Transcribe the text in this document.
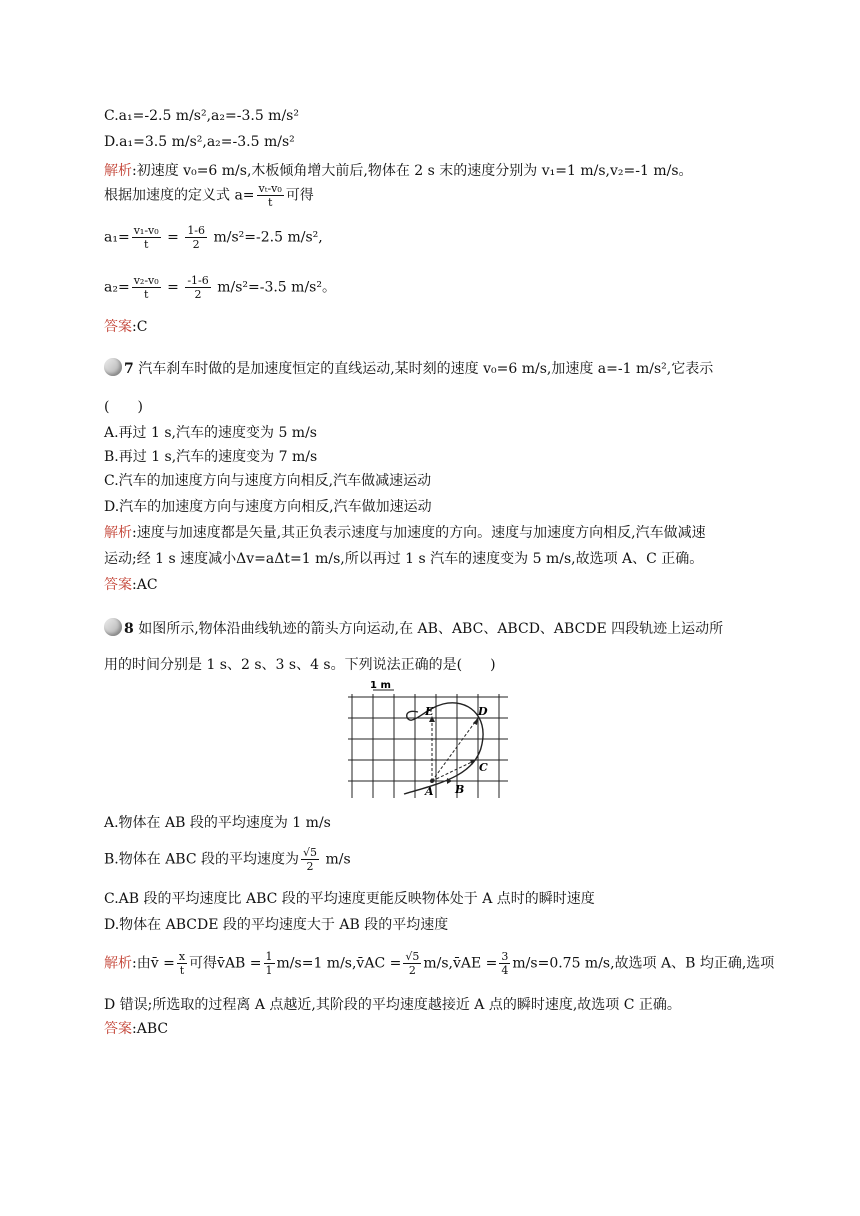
C.a₁=-2.5 m/s²,a₂=-3.5 m/s²
D.a₁=3.5 m/s²,a₂=-3.5 m/s²
解析:初速度 v₀=6 m/s,木板倾角增大前后,物体在 2 s 末的速度分别为 v₁=1 m/s,v₂=-1 m/s。
根据加速度的定义式 $a= \frac{\text{vₜ-v₀}}{t}$ 可得
$a_1= \frac{\text{v₁-v₀}}{t} = \frac{1-6}{2} m/s^2=-2.5$ m/s²,
$a_2= \frac{\text{v₂-v₀}}{t} = \frac{-1-6}{2} m/s^2=-3.5$ m/s²。
答案:C
7 汽车刹车时做的是加速度恒定的直线运动,某时刻的速度 v₀=6 m/s,加速度 a=-1 m/s²,它表示
(　　)
A.再过 1 s,汽车的速度变为 5 m/s
B.再过 1 s,汽车的速度变为 7 m/s
C.汽车的加速度方向与速度方向相反,汽车做减速运动
D.汽车的加速度方向与速度方向相反,汽车做加速运动
解析:速度与加速度都是矢量,其正负表示速度与加速度的方向。速度与加速度方向相反,汽车做减速
运动;经 1 s 速度减小Δv=aΔt=1 m/s,所以再过 1 s 汽车的速度变为 5 m/s,故选项 A、C 正确。
答案:AC
8 如图所示,物体沿曲线轨迹的箭头方向运动,在 AB、ABC、ABCD、ABCDE 四段轨迹上运动所
用的时间分别是 1 s、2 s、3 s、4 s。下列说法正确的是(　　)
1 m
A B
C
D
E
A.物体在 AB 段的平均速度为 1 m/s
B.物体在 ABC 段的平均速度为 $\frac{√5}{2} m/s$
C.AB 段的平均速度比 ABC 段的平均速度更能反映物体处于 A 点时的瞬时速度
D.物体在 ABCDE 段的平均速度大于 AB 段的平均速度
解析:由v̄ = $\frac{x}{t}$ 可得v̄AB = $\frac{1}{1} m/s=1$ m/s,v̄AC = $\frac{√5}{2}$ m/s,v̄AE = $\frac{3}{4} m/s=0.75$ m/s,故选项 A、B 均正确,选项
D 错误;所选取的过程离 A 点越近,其阶段的平均速度越接近 A 点的瞬时速度,故选项 C 正确。
答案:ABC
